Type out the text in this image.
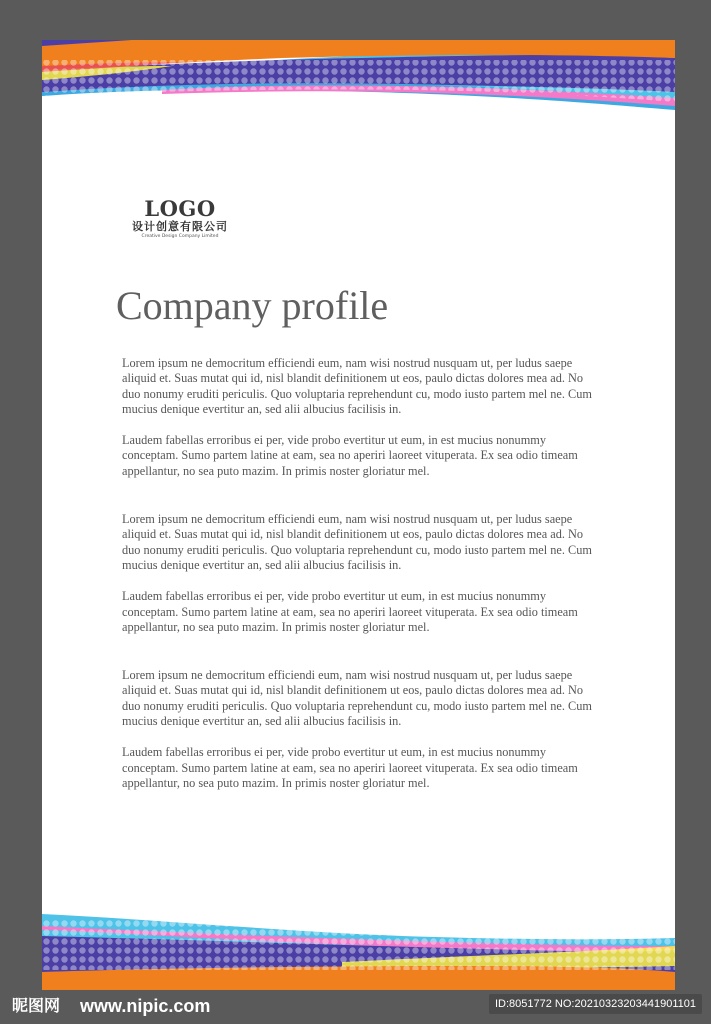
LOGO
设计创意有限公司
Creative Design Company Limited
Company profile

Lorem ipsum ne democritum efficiendi eum, nam wisi nostrud nusquam ut, per ludus saepe aliquid et. Suas mutat qui id, nisl blandit definitionem ut eos, paulo dictas dolores mea ad. No duo nonumy eruditi periculis. Quo voluptaria reprehendunt cu, modo iusto partem mel ne. Cum mucius denique evertitur an, sed alii albucius facilisis in.

Laudem fabellas erroribus ei per, vide probo evertitur ut eum, in est mucius nonummy conceptam. Sumo partem latine at eam, sea no aperiri laoreet vituperata. Ex sea odio timeam appellantur, no sea puto mazim. In primis noster gloriatur mel.

Lorem ipsum ne democritum efficiendi eum, nam wisi nostrud nusquam ut, per ludus saepe aliquid et. Suas mutat qui id, nisl blandit definitionem ut eos, paulo dictas dolores mea ad. No duo nonumy eruditi periculis. Quo voluptaria reprehendunt cu, modo iusto partem mel ne. Cum mucius denique evertitur an, sed alii albucius facilisis in.

Laudem fabellas erroribus ei per, vide probo evertitur ut eum, in est mucius nonummy conceptam. Sumo partem latine at eam, sea no aperiri laoreet vituperata. Ex sea odio timeam appellantur, no sea puto mazim. In primis noster gloriatur mel.

Lorem ipsum ne democritum efficiendi eum, nam wisi nostrud nusquam ut, per ludus saepe aliquid et. Suas mutat qui id, nisl blandit definitionem ut eos, paulo dictas dolores mea ad. No duo nonumy eruditi periculis. Quo voluptaria reprehendunt cu, modo iusto partem mel ne. Cum mucius denique evertitur an, sed alii albucius facilisis in.

Laudem fabellas erroribus ei per, vide probo evertitur ut eum, in est mucius nonummy conceptam. Sumo partem latine at eam, sea no aperiri laoreet vituperata. Ex sea odio timeam appellantur, no sea puto mazim. In primis noster gloriatur mel.

昵图网 www.nipic.com	ID:8051772 NO:20210323203441901101
